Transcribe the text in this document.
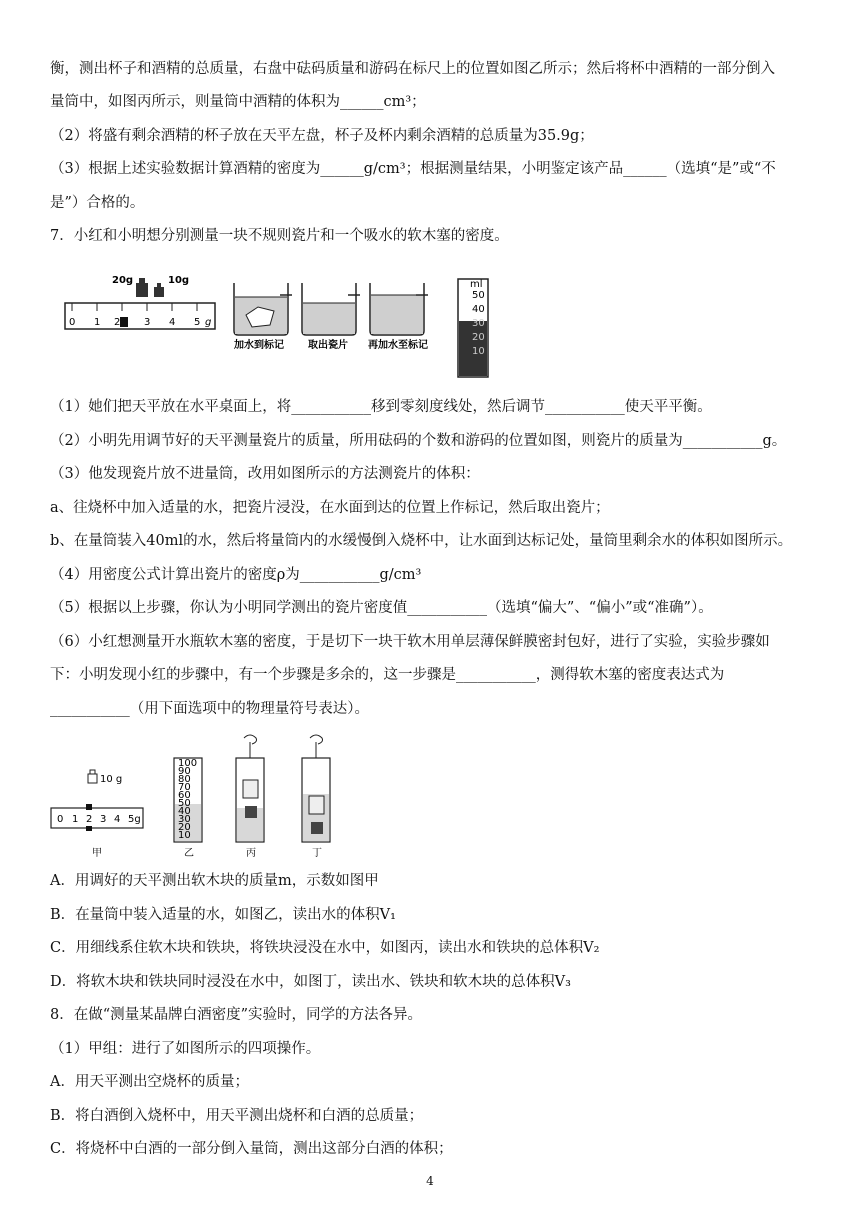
衡，测出杯子和酒精的总质量，右盘中砝码质量和游码在标尺上的位置如图乙所示；然后将杯中酒精的一部分倒入
量筒中，如图丙所示，则量筒中酒精的体积为______cm³；
（2）将盛有剩余酒精的杯子放在天平左盘，杯子及杯内剩余酒精的总质量为35.9g；
（3）根据上述实验数据计算酒精的密度为______g/cm³；根据测量结果，小明鉴定该产品______（选填“是”或“不
是”）合格的。
7．小红和小明想分别测量一块不规则瓷片和一个吸水的软木塞的密度。
20g	10g
0 1 2 3 4 5 g
加水到标记 取出瓷片 再加水至标记
ml
50
40
30
20
10
（1）她们把天平放在水平桌面上，将___________移到零刻度线处，然后调节___________使天平平衡。
（2）小明先用调节好的天平测量瓷片的质量，所用砝码的个数和游码的位置如图，则瓷片的质量为___________g。
（3）他发现瓷片放不进量筒，改用如图所示的方法测瓷片的体积：
a、往烧杯中加入适量的水，把瓷片浸没，在水面到达的位置上作标记，然后取出瓷片；
b、在量筒装入40ml的水，然后将量筒内的水缓慢倒入烧杯中，让水面到达标记处，量筒里剩余水的体积如图所示。
（4）用密度公式计算出瓷片的密度ρ为___________g/cm³
（5）根据以上步骤，你认为小明同学测出的瓷片密度值___________（选填“偏大”、“偏小”或“准确”）。
（6）小红想测量开水瓶软木塞的密度，于是切下一块干软木用单层薄保鲜膜密封包好，进行了实验，实验步骤如
下：小明发现小红的步骤中，有一个步骤是多余的，这一步骤是___________，测得软木塞的密度表达式为
___________（用下面选项中的物理量符号表达）。
10 g
0 1 2 3 4 5g
甲
100
90
80
70
60
50
40
30
20
10
乙	丙	丁
A．用调好的天平测出软木块的质量m，示数如图甲
B．在量筒中装入适量的水，如图乙，读出水的体积V₁
C．用细线系住软木块和铁块，将铁块浸没在水中，如图丙，读出水和铁块的总体积V₂
D．将软木块和铁块同时浸没在水中，如图丁，读出水、铁块和软木块的总体积V₃
8．在做“测量某晶牌白酒密度”实验时，同学的方法各异。
（1）甲组：进行了如图所示的四项操作。
A．用天平测出空烧杯的质量；
B．将白酒倒入烧杯中，用天平测出烧杯和白酒的总质量；
C．将烧杯中白酒的一部分倒入量筒，测出这部分白酒的体积；
4
